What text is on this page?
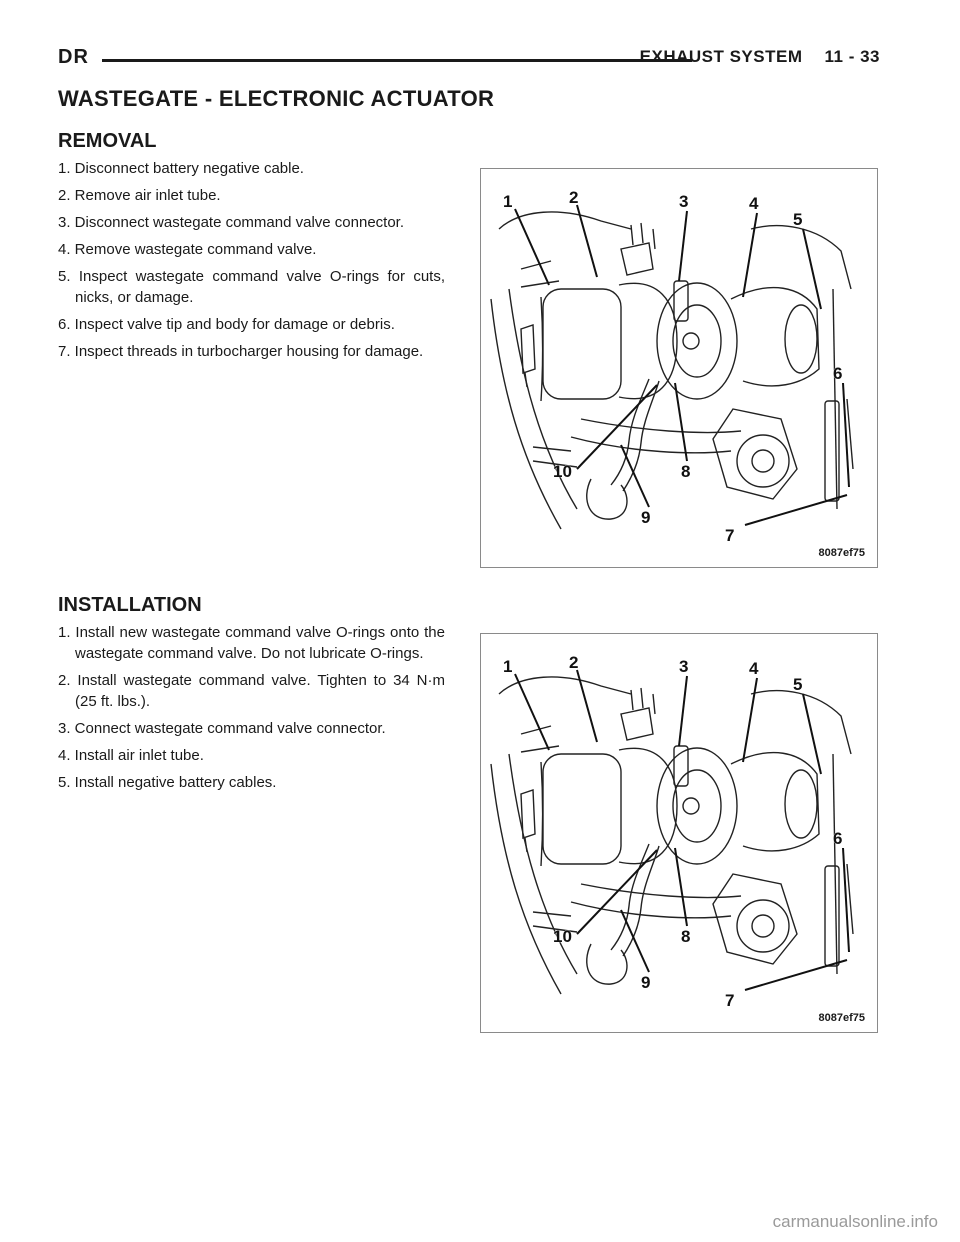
DR	EXHAUST SYSTEM 11 - 33
WASTEGATE - ELECTRONIC ACTUATOR
REMOVAL
1. Disconnect battery negative cable.
2. Remove air inlet tube.
3. Disconnect wastegate command valve connector.
4. Remove wastegate command valve.
5. Inspect wastegate command valve O-rings for cuts, nicks, or damage.
6. Inspect valve tip and body for damage or debris.
7. Inspect threads in turbocharger housing for damage.
1	2	3	4
5
6
7
8
9
10
8087ef75
INSTALLATION
1. Install new wastegate command valve O-rings onto the wastegate command valve. Do not lubricate O-rings.
2. Install wastegate command valve. Tighten to 34 N·m (25 ft. lbs.).
3. Connect wastegate command valve connector.
4. Install air inlet tube.
5. Install negative battery cables.
1	2	3	4
5
6
7
8
9
10
8087ef75
carmanualsonline.info
